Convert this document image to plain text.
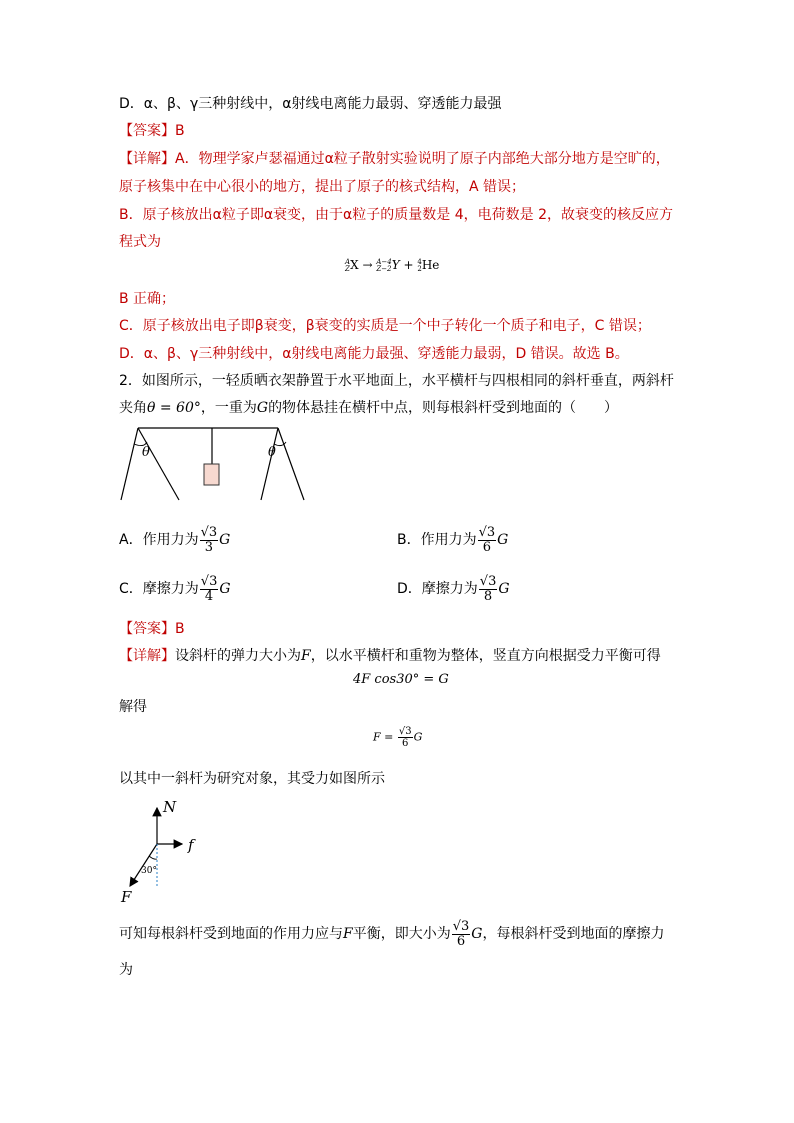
D．α、β、γ三种射线中，α射线电离能力最弱、穿透能力最强
【答案】B
【详解】A．物理学家卢瑟福通过α粒子散射实验说明了原子内部绝大部分地方是空旷的，
原子核集中在中心很小的地方，提出了原子的核式结构，A 错误；
B．原子核放出α粒子即α衰变，由于α粒子的质量数是 4，电荷数是 2，故衰变的核反应方
程式为
A
Z X → A−4
Z−2 Y + 4
2 He
B 正确；
C．原子核放出电子即β衰变，β衰变的实质是一个中子转化一个质子和电子，C 错误；
D．α、β、γ三种射线中，α射线电离能力最强、穿透能力最弱，D 错误。故选 B。
2．如图所示，一轻质晒衣架静置于水平地面上，水平横杆与四根相同的斜杆垂直，两斜杆
夹角θ = 60°，一重为G的物体悬挂在横杆中点，则每根斜杆受到地面的（　　）
θ	θ
A．作用力为 $\frac{√3}{3}$ G	B．作用力为 $\frac{√3}{6}$ G
C．摩擦力为 $\frac{√3}{4}$ G	D．摩擦力为 $\frac{√3}{8}$ G
【答案】B
【详解】设斜杆的弹力大小为F，以水平横杆和重物为整体，竖直方向根据受力平衡可得
4F cos30° = G
解得
$F = \frac{√3}{6}$ G
以其中一斜杆为研究对象，其受力如图所示
N
f
F
30°
可知每根斜杆受到地面的作用力应与F平衡，即大小为 $\frac{√3}{6}$ G，每根斜杆受到地面的摩擦力
为
